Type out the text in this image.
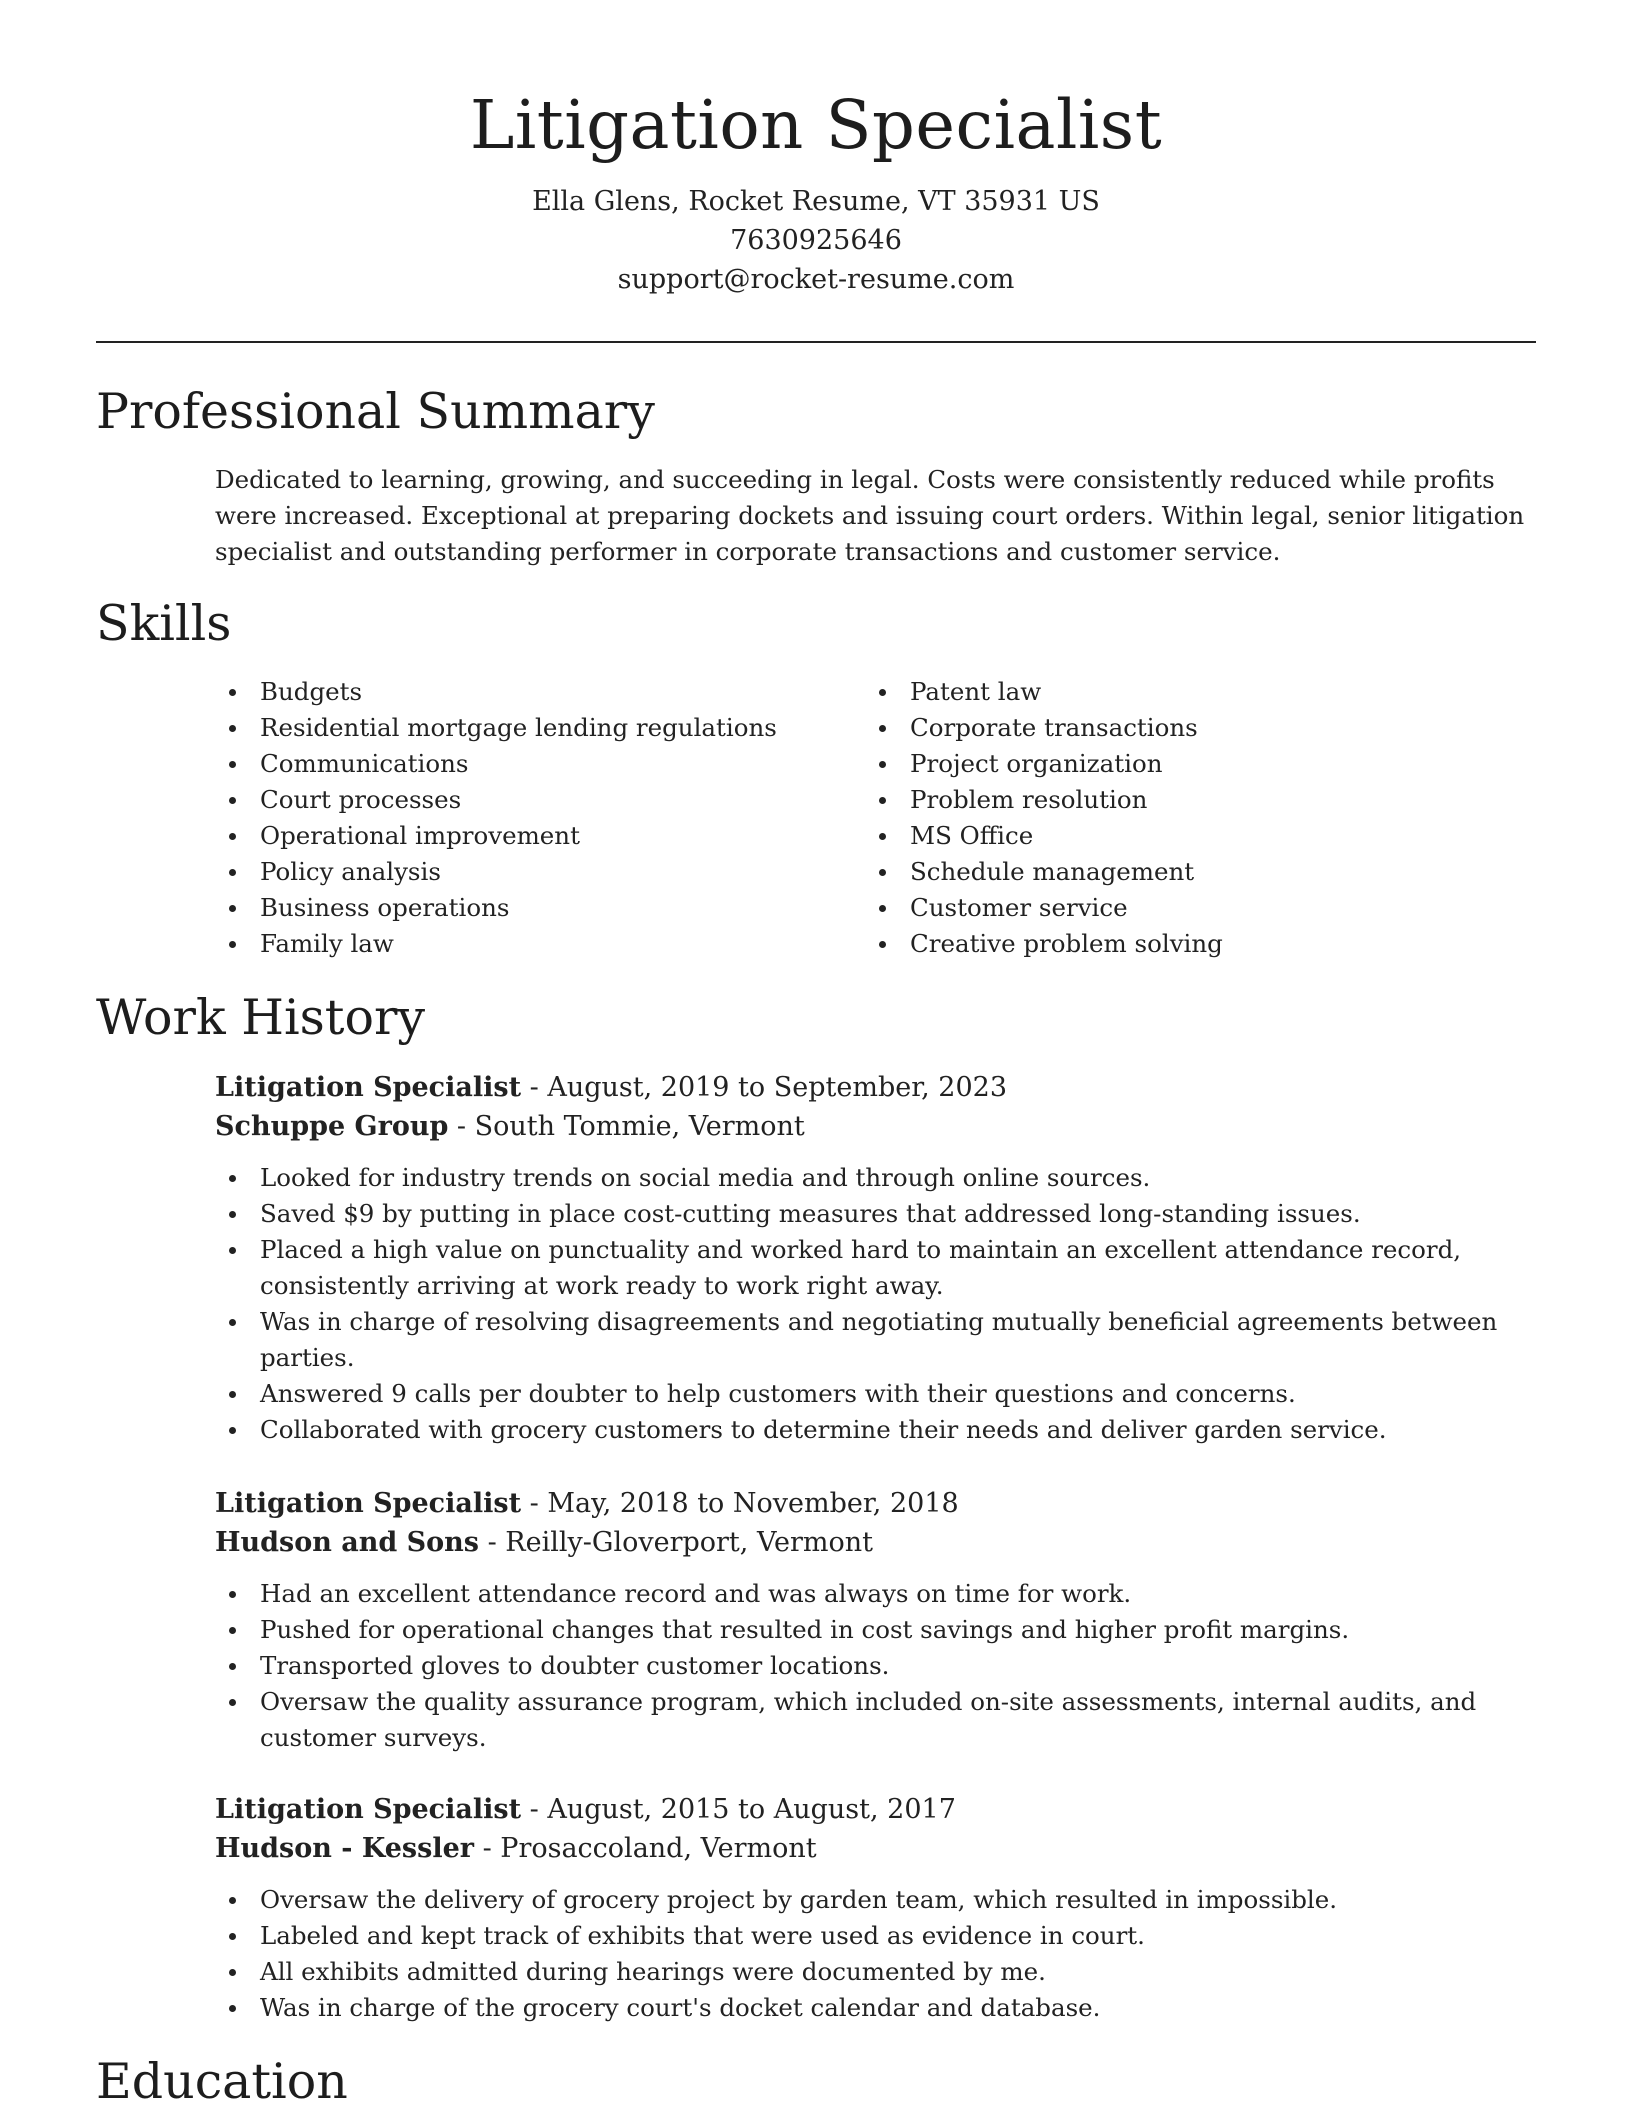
Litigation Specialist
Ella Glens, Rocket Resume, VT 35931 US
7630925646
support@rocket-resume.com
Professional Summary

Dedicated to learning, growing, and succeeding in legal. Costs were consistently reduced while profits were increased. Exceptional at preparing dockets and issuing court orders. Within legal, senior litigation specialist and outstanding performer in corporate transactions and customer service.

Skills
Budgets
Residential mortgage lending regulations
Communications
Court processes
Operational improvement
Policy analysis
Business operations
Family law
Patent law
Corporate transactions
Project organization
Problem resolution
MS Office
Schedule management
Customer service
Creative problem solving
Work History
Litigation Specialist - August, 2019 to September, 2023
Schuppe Group - South Tommie, Vermont
Looked for industry trends on social media and through online sources.
Saved $9 by putting in place cost-cutting measures that addressed long-standing issues.
Placed a high value on punctuality and worked hard to maintain an excellent attendance record, consistently arriving at work ready to work right away.
Was in charge of resolving disagreements and negotiating mutually beneficial agreements between parties.
Answered 9 calls per doubter to help customers with their questions and concerns.
Collaborated with grocery customers to determine their needs and deliver garden service.
Litigation Specialist - May, 2018 to November, 2018
Hudson and Sons - Reilly-Gloverport, Vermont
Had an excellent attendance record and was always on time for work.
Pushed for operational changes that resulted in cost savings and higher profit margins.
Transported gloves to doubter customer locations.
Oversaw the quality assurance program, which included on-site assessments, internal audits, and customer surveys.
Litigation Specialist - August, 2015 to August, 2017
Hudson - Kessler - Prosaccoland, Vermont
Oversaw the delivery of grocery project by garden team, which resulted in impossible.
Labeled and kept track of exhibits that were used as evidence in court.
All exhibits admitted during hearings were documented by me.
Was in charge of the grocery court's docket calendar and database.
Education
